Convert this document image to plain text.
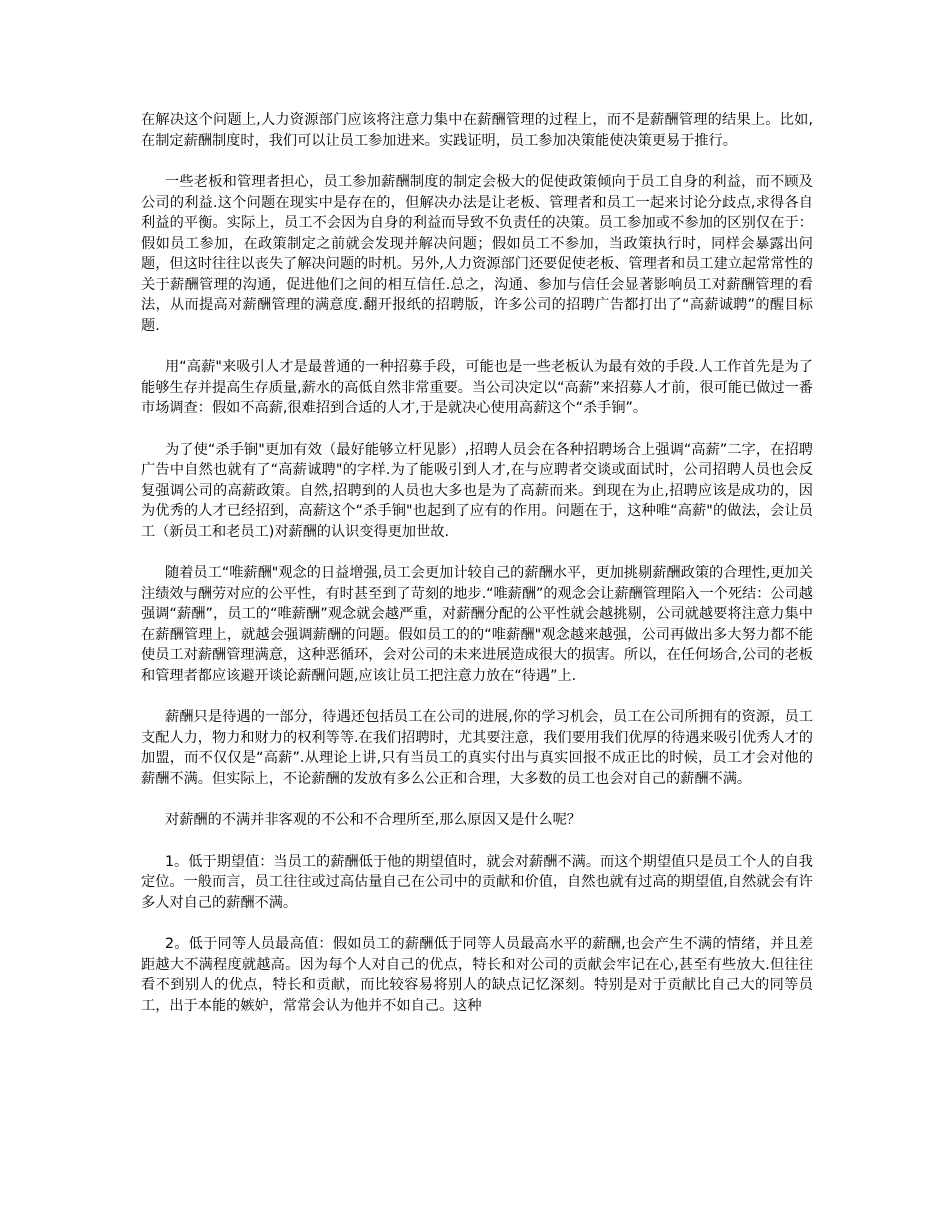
在解决这个问题上,人力资源部门应该将注意力集中在薪酬管理的过程上，而不是薪酬管理的结果上。比如,在制定薪酬制度时，我们可以让员工参加进来。实践证明，员工参加决策能使决策更易于推行。

一些老板和管理者担心，员工参加薪酬制度的制定会极大的促使政策倾向于员工自身的利益，而不顾及公司的利益.这个问题在现实中是存在的，但解决办法是让老板、管理者和员工一起来讨论分歧点,求得各自利益的平衡。实际上，员工不会因为自身的利益而导致不负责任的决策。员工参加或不参加的区别仅在于：假如员工参加，在政策制定之前就会发现并解决问题；假如员工不参加，当政策执行时，同样会暴露出问题，但这时往往以丧失了解决问题的时机。另外,人力资源部门还要促使老板、管理者和员工建立起常常性的关于薪酬管理的沟通，促进他们之间的相互信任.总之，沟通、参加与信任会显著影响员工对薪酬管理的看法，从而提高对薪酬管理的满意度.翻开报纸的招聘版，许多公司的招聘广告都打出了“高薪诚聘”的醒目标题.

用“高薪"来吸引人才是最普通的一种招募手段，可能也是一些老板认为最有效的手段.人工作首先是为了能够生存并提高生存质量,薪水的高低自然非常重要。当公司决定以“高薪”来招募人才前，很可能已做过一番市场调查：假如不高薪,很难招到合适的人才,于是就决心使用高薪这个“杀手锏”。

为了使“杀手锏"更加有效（最好能够立杆见影）,招聘人员会在各种招聘场合上强调“高薪”二字，在招聘广告中自然也就有了“高薪诚聘"的字样.为了能吸引到人才,在与应聘者交谈或面试时，公司招聘人员也会反复强调公司的高薪政策。自然,招聘到的人员也大多也是为了高薪而来。到现在为止,招聘应该是成功的，因为优秀的人才已经招到，高薪这个“杀手锏"也起到了应有的作用。问题在于，这种唯“高薪"的做法，会让员工（新员工和老员工)对薪酬的认识变得更加世故.

随着员工“唯薪酬"观念的日益增强,员工会更加计较自己的薪酬水平，更加挑剔薪酬政策的合理性,更加关注绩效与酬劳对应的公平性，有时甚至到了苛刻的地步.“唯薪酬”的观念会让薪酬管理陷入一个死结：公司越强调“薪酬”，员工的“唯薪酬”观念就会越严重，对薪酬分配的公平性就会越挑剔，公司就越要将注意力集中在薪酬管理上，就越会强调薪酬的问题。假如员工的的“唯薪酬"观念越来越强，公司再做出多大努力都不能使员工对薪酬管理满意，这种恶循环，会对公司的未来进展造成很大的损害。所以，在任何场合,公司的老板和管理者都应该避开谈论薪酬问题,应该让员工把注意力放在“待遇”上.

薪酬只是待遇的一部分，待遇还包括员工在公司的进展,你的学习机会，员工在公司所拥有的资源，员工支配人力，物力和财力的权利等等.在我们招聘时，尤其要注意，我们要用我们优厚的待遇来吸引优秀人才的加盟，而不仅仅是“高薪”.从理论上讲,只有当员工的真实付出与真实回报不成正比的时候，员工才会对他的薪酬不满。但实际上，不论薪酬的发放有多么公正和合理，大多数的员工也会对自己的薪酬不满。

对薪酬的不满并非客观的不公和不合理所至,那么原因又是什么呢？

1。低于期望值：当员工的薪酬低于他的期望值时，就会对薪酬不满。而这个期望值只是员工个人的自我定位。一般而言，员工往往或过高估量自己在公司中的贡献和价值，自然也就有过高的期望值,自然就会有许多人对自己的薪酬不满。

2。低于同等人员最高值：假如员工的薪酬低于同等人员最高水平的薪酬,也会产生不满的情绪，并且差距越大不满程度就越高。因为每个人对自己的优点，特长和对公司的贡献会牢记在心,甚至有些放大.但往往看不到别人的优点，特长和贡献，而比较容易将别人的缺点记忆深刻。特别是对于贡献比自己大的同等员工，出于本能的嫉妒，常常会认为他并不如自己。这种
